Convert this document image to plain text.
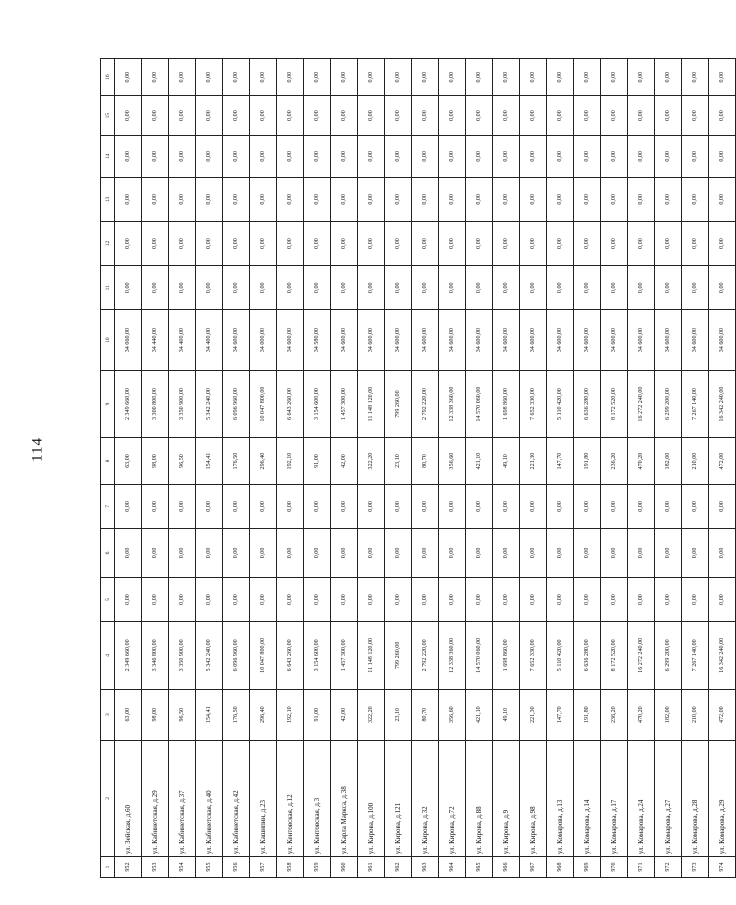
114
1	2	3	4	5	6	7	8	9	10	11	12	13	14	15	16
952	ул. Зейская, д.60	63,00	2 349 660,00	0,00	0,00	0,00	63,00	2 349 660,00	34 060,00	0,00	0,00	0,00	0,00	0,00	0,00
953	ул. Кабинетская, д.29	98,00	3 346 800,00	0,00	0,00	0,00	98,00	3 300 800,00	34 440,00	0,00	0,00	0,00	0,00	0,00	0,00
954	ул. Кабинетская, д.37	96,50	3 350 900,00	0,00	0,00	0,00	96,50	3 350 900,00	34 400,00	0,00	0,00	0,00	0,00	0,00	0,00
955	ул. Кабинетская, д.40	154,41	5 342 240,00	0,00	0,00	0,00	154,41	5 342 240,00	34 400,00	0,00	0,00	0,00	0,00	0,00	0,00
956	ул. Кабинетская, д.42	176,50	6 096 960,00	0,00	0,00	0,00	176,50	6 096 960,00	34 600,00	0,00	0,00	0,00	0,00	0,00	0,00
957	ул. Кашипин, д.23	296,40	10 047 800,00	0,00	0,00	0,00	296,40	10 047 800,00	34 000,00	0,00	0,00	0,00	0,00	0,00	0,00
958	ул. Кентовская, д.12	192,10	6 643 260,00	0,00	0,00	0,00	192,10	6 643 260,00	34 600,00	0,00	0,00	0,00	0,00	0,00	0,00
959	ул. Кентовская, д.3	91,00	3 154 600,00	0,00	0,00	0,00	91,00	3 154 600,00	34 580,00	0,00	0,00	0,00	0,00	0,00	0,00
960	ул. Карла Маркса, д.38	42,00	1 457 300,00	0,00	0,00	0,00	42,00	1 457 300,00	34 600,00	0,00	0,00	0,00	0,00	0,00	0,00
961	ул. Кирова, д.100	322,20	11 148 120,00	0,00	0,00	0,00	322,20	11 148 120,00	34 600,00	0,00	0,00	0,00	0,00	0,00	0,00
962	ул. Кирова, д.121	23,10	799 260,00	0,00	0,00	0,00	23,10	799 260,00	34 600,00	0,00	0,00	0,00	0,00	0,00	0,00
963	ул. Кирова, д.32	80,70	2 792 220,00	0,00	0,00	0,00	80,70	2 792 220,00	34 600,00	0,00	0,00	0,00	0,00	0,00	0,00
964	ул. Кирова, д.72	356,60	12 338 360,00	0,00	0,00	0,00	356,60	12 338 360,00	34 600,00	0,00	0,00	0,00	0,00	0,00	0,00
965	ул. Кирова, д.88	421,10	14 570 060,00	0,00	0,00	0,00	421,10	14 570 060,00	34 600,00	0,00	0,00	0,00	0,00	0,00	0,00
966	ул. Кирова, д.9	49,10	1 698 860,00	0,00	0,00	0,00	49,10	1 698 860,00	34 600,00	0,00	0,00	0,00	0,00	0,00	0,00
967	ул. Кирова, д.98	221,30	7 652 330,00	0,00	0,00	0,00	221,30	7 652 330,00	34 600,00	0,00	0,00	0,00	0,00	0,00	0,00
968	ул. Комарова, д.13	147,70	5 110 420,00	0,00	0,00	0,00	147,70	5 110 420,00	34 600,00	0,00	0,00	0,00	0,00	0,00	0,00
969	ул. Комарова, д.14	191,80	6 636 280,00	0,00	0,00	0,00	191,80	6 636 280,00	34 600,00	0,00	0,00	0,00	0,00	0,00	0,00
970	ул. Комарова, д.17	236,20	8 172 520,00	0,00	0,00	0,00	236,20	8 172 520,00	34 600,00	0,00	0,00	0,00	0,00	0,00	0,00
971	ул. Комарова, д.24	470,20	16 272 240,00	0,00	0,00	0,00	470,20	16 272 240,00	34 600,00	0,00	0,00	0,00	0,00	0,00	0,00
972	ул. Комарова, д.27	182,00	6 299 200,00	0,00	0,00	0,00	182,00	6 299 200,00	34 600,00	0,00	0,00	0,00	0,00	0,00	0,00
973	ул. Комарова, д.28	210,00	7 267 140,00	0,00	0,00	0,00	210,00	7 267 140,00	34 600,00	0,00	0,00	0,00	0,00	0,00	0,00
974	ул. Комарова, д.29	472,00	16 342 240,00	0,00	0,00	0,00	472,00	16 342 240,00	34 600,00	0,00	0,00	0,00	0,00	0,00	0,00
